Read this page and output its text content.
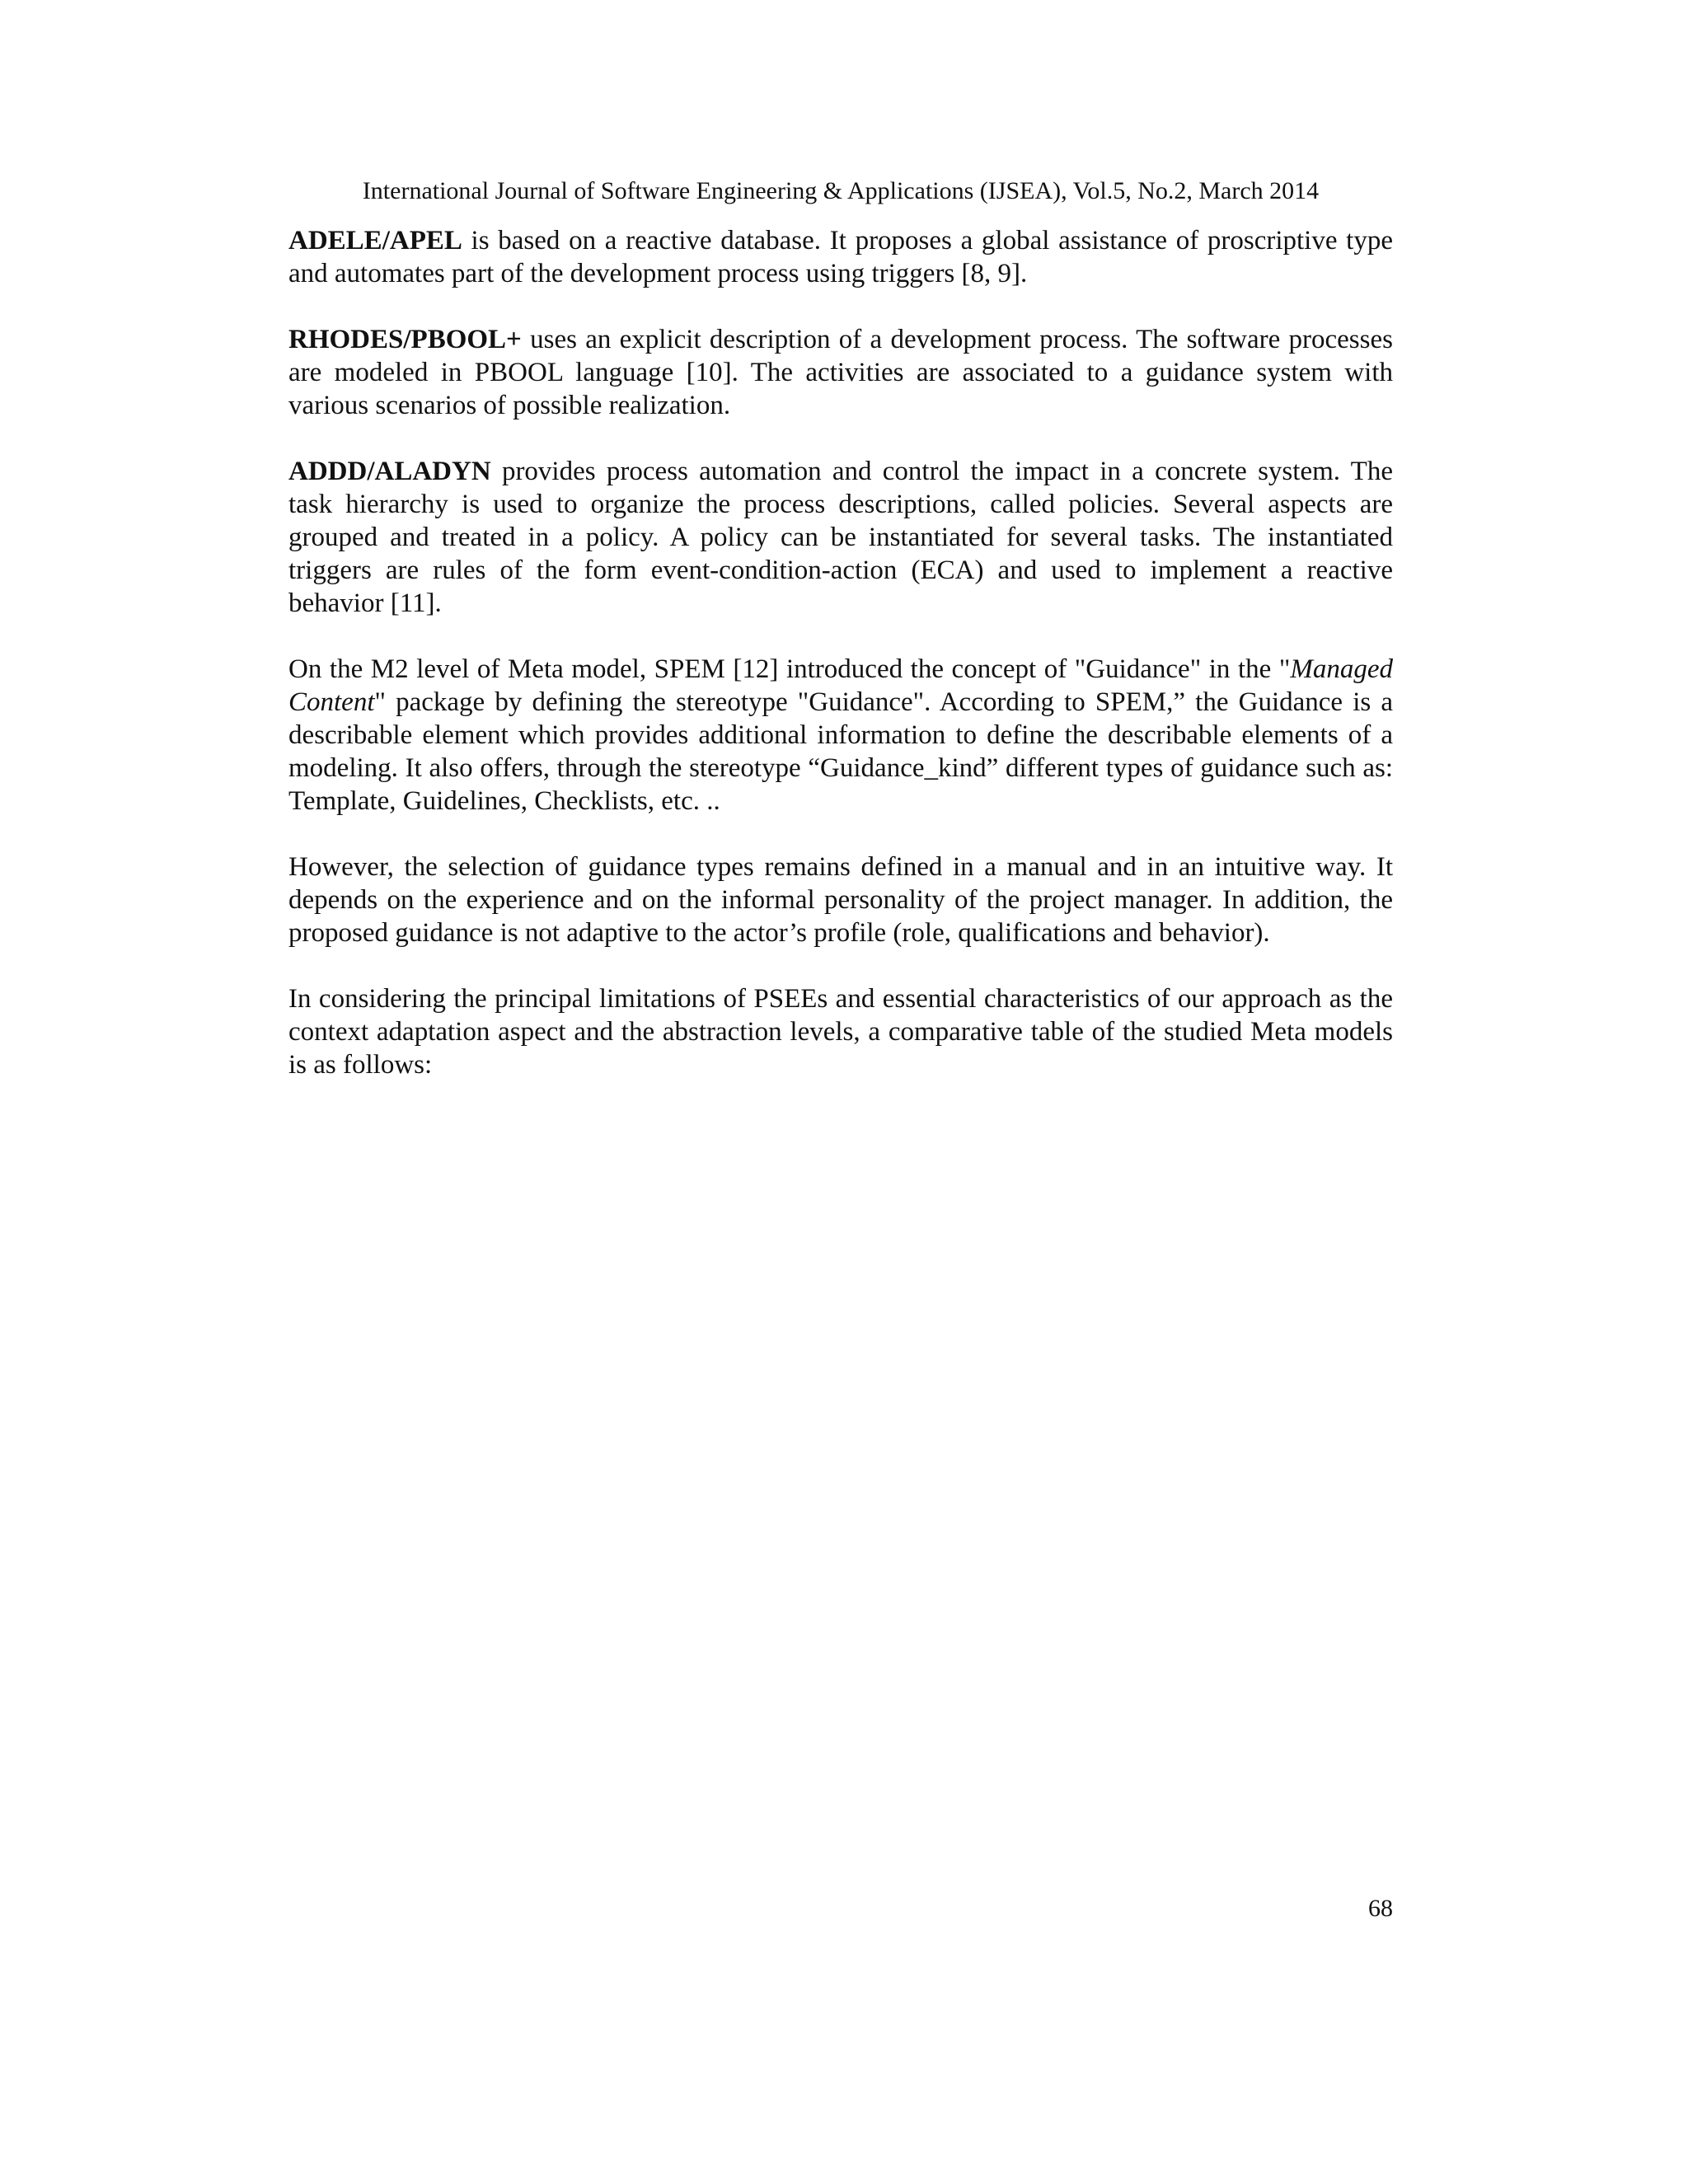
International Journal of Software Engineering & Applications (IJSEA), Vol.5, No.2, March 2014

ADELE/APEL is based on a reactive database. It proposes a global assistance of proscriptive type and automates part of the development process using triggers [8, 9].

RHODES/PBOOL+ uses an explicit description of a development process. The software processes are modeled in PBOOL language [10]. The activities are associated to a guidance system with various scenarios of possible realization.

ADDD/ALADYN provides process automation and control the impact in a concrete system. The task hierarchy is used to organize the process descriptions, called policies. Several aspects are grouped and treated in a policy. A policy can be instantiated for several tasks. The instantiated triggers are rules of the form event-condition-action (ECA) and used to implement a reactive behavior [11].

On the M2 level of Meta model, SPEM [12] introduced the concept of "Guidance" in the "Managed Content" package by defining the stereotype "Guidance". According to SPEM,” the Guidance is a describable element which provides additional information to define the describable elements of a modeling. It also offers, through the stereotype “Guidance_kind” different types of guidance such as: Template, Guidelines, Checklists, etc. ..

However, the selection of guidance types remains defined in a manual and in an intuitive way. It depends on the experience and on the informal personality of the project manager. In addition, the proposed guidance is not adaptive to the actor’s profile (role, qualifications and behavior).

In considering the principal limitations of PSEEs and essential characteristics of our approach as the context adaptation aspect and the abstraction levels, a comparative table of the studied Meta models is as follows:

68
